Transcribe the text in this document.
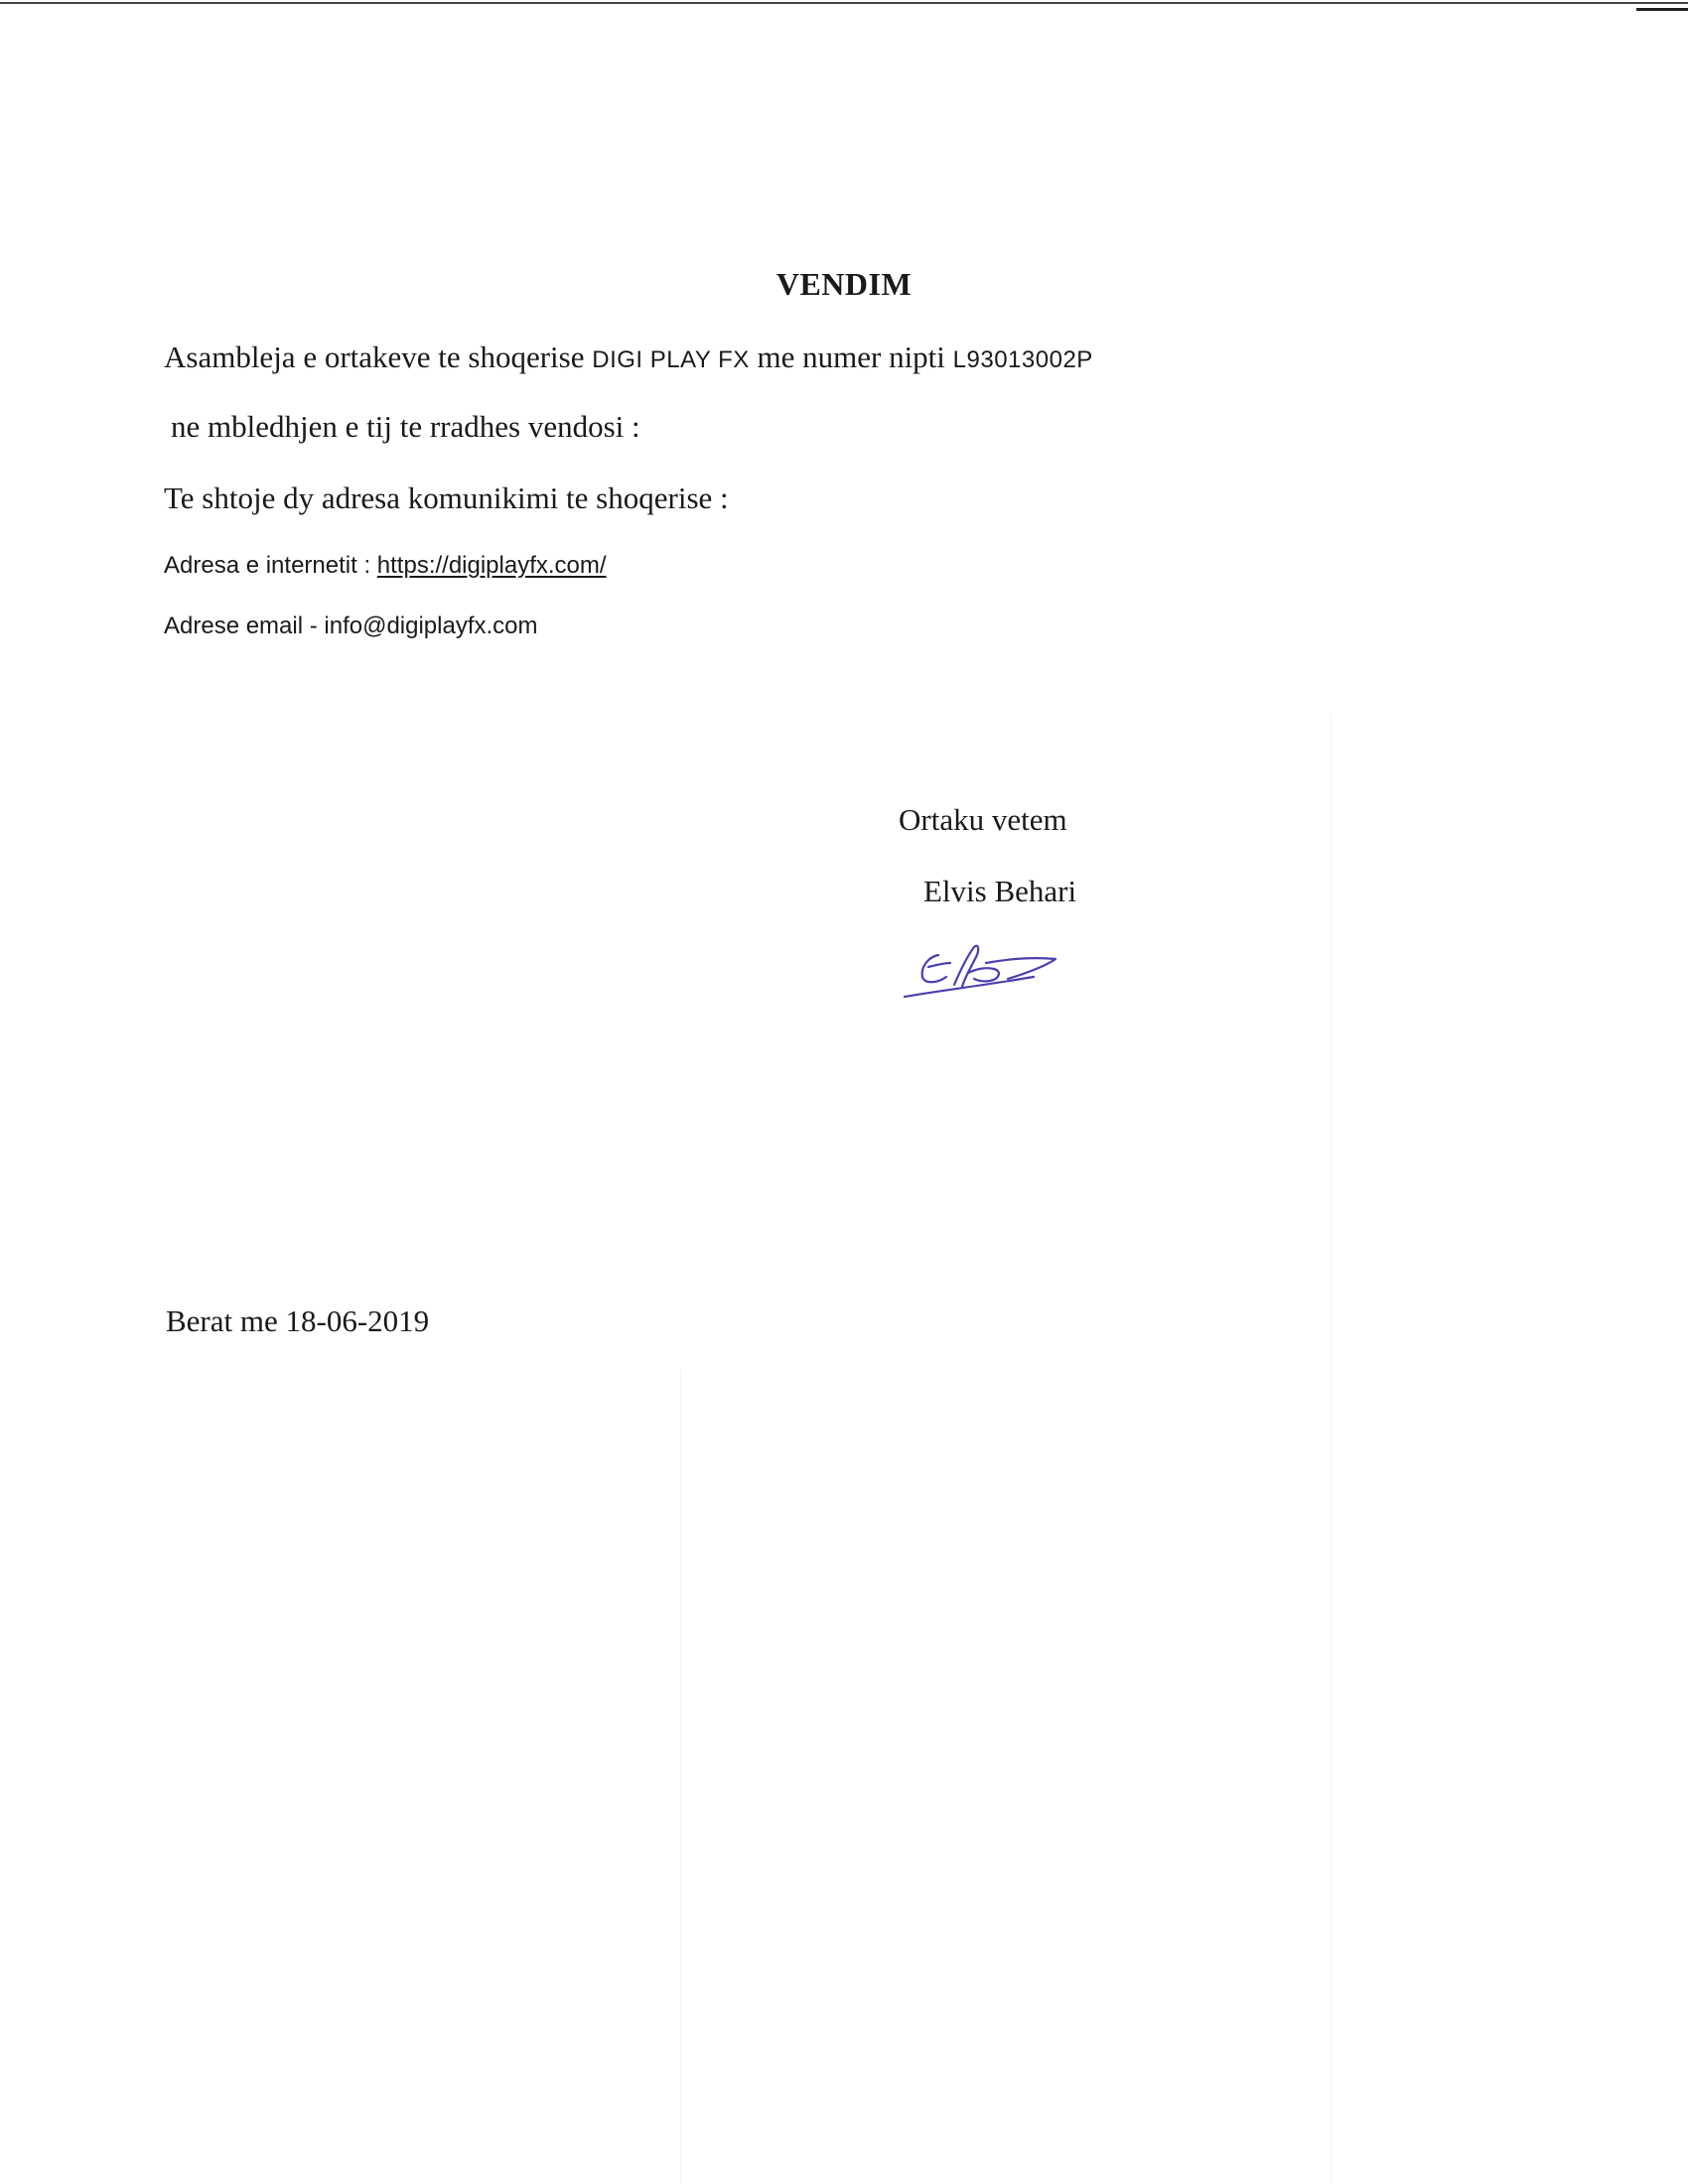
VENDIM
Asambleja e ortakeve te shoqerise DIGI PLAY FX me numer nipti L93013002P
ne mbledhjen e tij te rradhes vendosi :
Te shtoje dy adresa komunikimi te shoqerise :
Adresa e internetit : https://digiplayfx.com/
Adrese email - info@digiplayfx.com
Ortaku vetem
Elvis Behari
Berat me 18-06-2019
